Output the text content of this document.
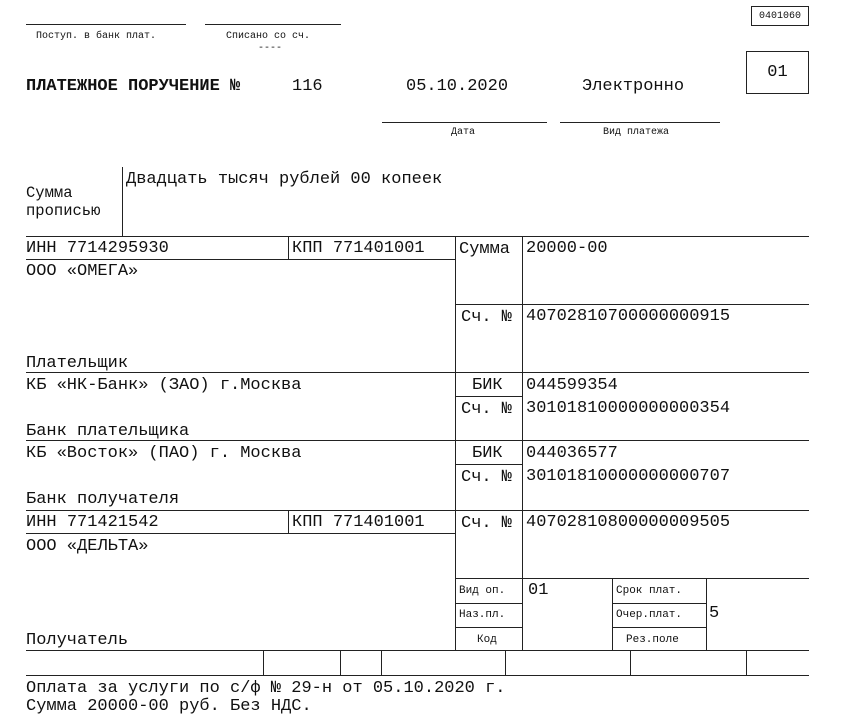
Поступ. в банк плат.	Списано со сч.
----
0401060
ПЛАТЕЖНОЕ ПОРУЧЕНИЕ №	116	05.10.2020	Электронно
01
Дата	Вид платежа
Сумма
прописью
Двадцать тысяч рублей 00 копеек
ИНН 7714295930	КПП 771401001
ООО «ОМЕГА»
Плательщик
Сумма 20000-00
Сч. № 40702810700000000915
КБ «НК-Банк» (ЗАО) г.Москва
Банк плательщика
БИК 044599354
Сч. № 30101810000000000354
КБ «Восток» (ПАО) г. Москва
Банк получателя
БИК 044036577
Сч. № 30101810000000000707
ИНН 771421542	КПП 771401001
ООО «ДЕЛЬТА»
Получатель
Сч. № 40702810800000009505
Вид оп. 01
Наз.пл.
Код
Срок плат.
Очер.плат. 5
Рез.поле
Оплата за услуги по с/ф № 29-н от 05.10.2020 г.
Сумма 20000-00 руб. Без НДС.
